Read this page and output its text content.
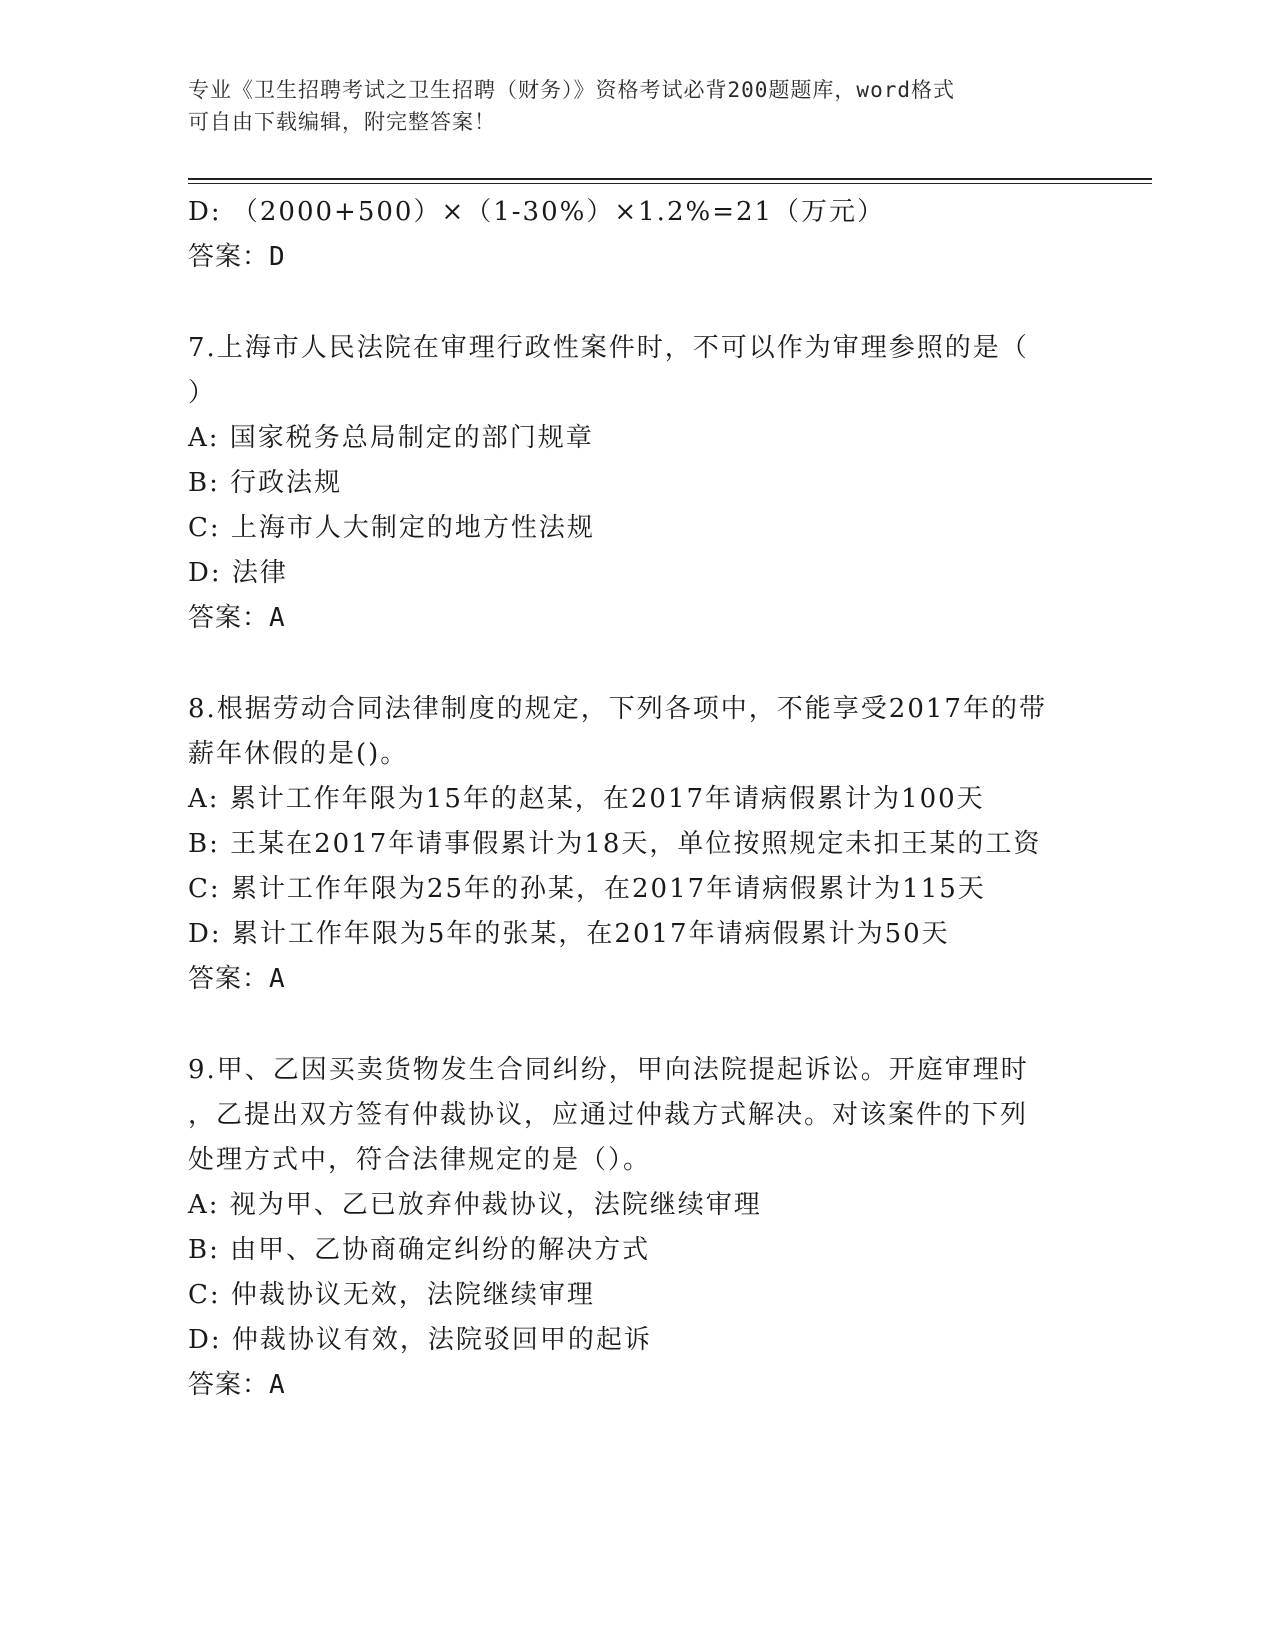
专业《卫生招聘考试之卫生招聘（财务）》资格考试必背200题题库，word格式
可自由下载编辑，附完整答案！
D: （2000+500）×（1-30%）×1.2%=21（万元）
答案：D
7.上海市人民法院在审理行政性案件时，不可以作为审理参照的是（
）
A: 国家税务总局制定的部门规章
B: 行政法规
C: 上海市人大制定的地方性法规
D: 法律
答案：A
8.根据劳动合同法律制度的规定，下列各项中，不能享受2017年的带
薪年休假的是()。
A: 累计工作年限为15年的赵某，在2017年请病假累计为100天
B: 王某在2017年请事假累计为18天，单位按照规定未扣王某的工资
C: 累计工作年限为25年的孙某，在2017年请病假累计为115天
D: 累计工作年限为5年的张某，在2017年请病假累计为50天
答案：A
9.甲、乙因买卖货物发生合同纠纷，甲向法院提起诉讼。开庭审理时
，乙提出双方签有仲裁协议，应通过仲裁方式解决。对该案件的下列
处理方式中，符合法律规定的是（）。
A: 视为甲、乙已放弃仲裁协议，法院继续审理
B: 由甲、乙协商确定纠纷的解决方式
C: 仲裁协议无效，法院继续审理
D: 仲裁协议有效，法院驳回甲的起诉
答案：A
